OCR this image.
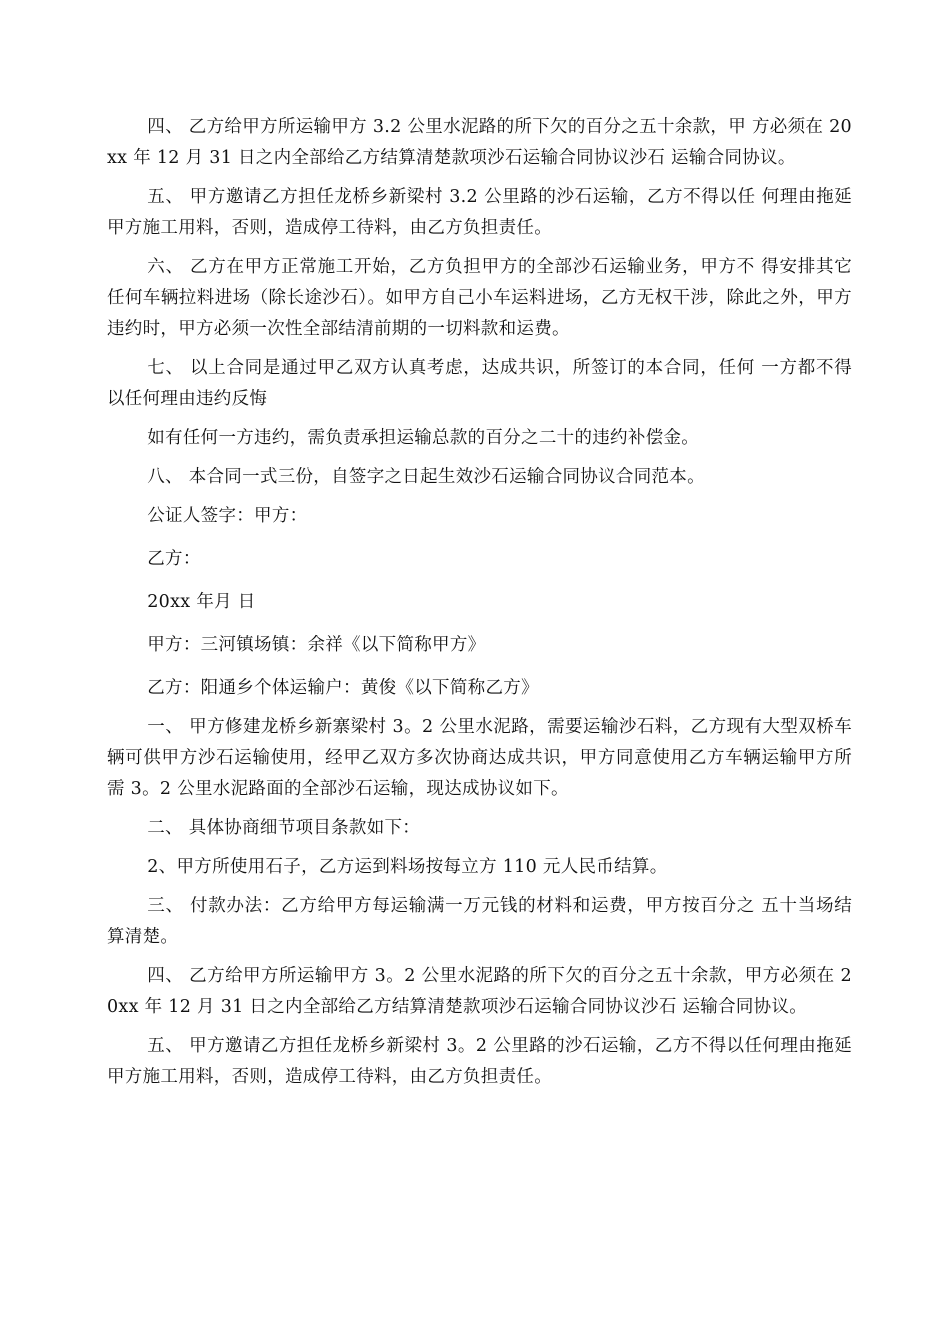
四、 乙方给甲方所运输甲方 3.2 公里水泥路的所下欠的百分之五十余款，甲 方必须在 20xx 年 12 月 31 日之内全部给乙方结算清楚款项沙石运输合同协议沙石 运输合同协议。

五、 甲方邀请乙方担任龙桥乡新梁村 3.2 公里路的沙石运输，乙方不得以任 何理由拖延甲方施工用料，否则，造成停工待料，由乙方负担责任。

六、 乙方在甲方正常施工开始，乙方负担甲方的全部沙石运输业务，甲方不 得安排其它任何车辆拉料进场（除长途沙石）。如甲方自己小车运料进场，乙方无权干涉，除此之外，甲方违约时，甲方必须一次性全部结清前期的一切料款和运费。

七、 以上合同是通过甲乙双方认真考虑，达成共识，所签订的本合同，任何 一方都不得以任何理由违约反悔

如有任何一方违约，需负责承担运输总款的百分之二十的违约补偿金。

八、 本合同一式三份，自签字之日起生效沙石运输合同协议合同范本。

公证人签字：甲方：

乙方：

20xx 年月 日

甲方：三河镇场镇：余祥《以下简称甲方》

乙方：阳通乡个体运输户：黄俊《以下简称乙方》

一、 甲方修建龙桥乡新寨梁村 3。2 公里水泥路，需要运输沙石料，乙方现有大型双桥车辆可供甲方沙石运输使用，经甲乙双方多次协商达成共识，甲方同意使用乙方车辆运输甲方所需 3。2 公里水泥路面的全部沙石运输，现达成协议如下。

二、 具体协商细节项目条款如下：

2、甲方所使用石子，乙方运到料场按每立方 110 元人民币结算。

三、 付款办法：乙方给甲方每运输满一万元钱的材料和运费，甲方按百分之 五十当场结算清楚。

四、 乙方给甲方所运输甲方 3。2 公里水泥路的所下欠的百分之五十余款，甲方必须在 20xx 年 12 月 31 日之内全部给乙方结算清楚款项沙石运输合同协议沙石 运输合同协议。

五、 甲方邀请乙方担任龙桥乡新梁村 3。2 公里路的沙石运输，乙方不得以任何理由拖延甲方施工用料，否则，造成停工待料，由乙方负担责任。
